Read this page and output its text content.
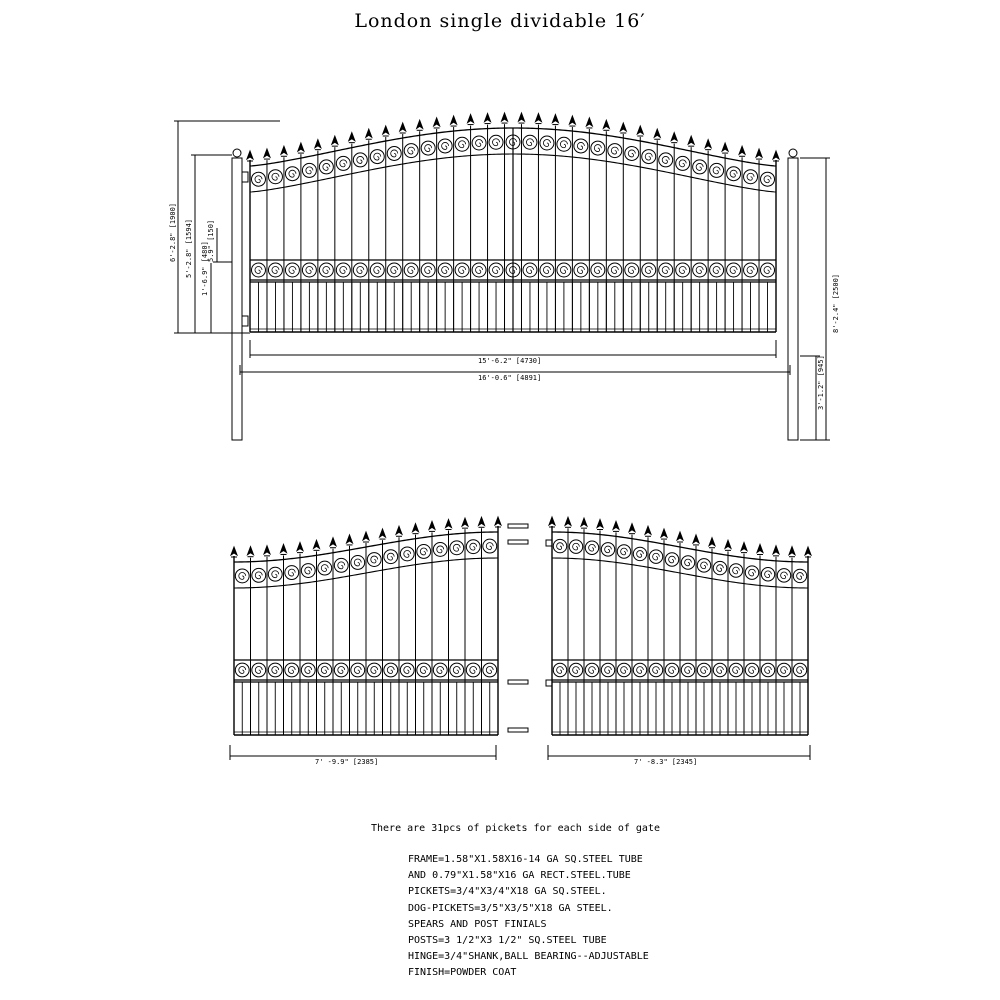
London single dividable 16′
6'-2.8" [1900] 5'-2.8" [1594] 5.9" [150]
1'-6.9" [480]
8'-2.4" [2500]
3'-1.2" [945]
15'-6.2" [4730]
16'-0.6" [4891]
7' -9.9" [2385]	7' -8.3" [2345]
There are 31pcs of pickets for each side of gate
FRAME=1.58"X1.58X16-14 GA SQ.STEEL TUBE
AND 0.79"X1.58"X16 GA RECT.STEEL.TUBE
PICKETS=3/4"X3/4"X18 GA SQ.STEEL.
DOG-PICKETS=3/5"X3/5"X18 GA STEEL.
SPEARS AND POST FINIALS
POSTS=3 1/2"X3 1/2" SQ.STEEL TUBE
HINGE=3/4"SHANK,BALL BEARING--ADJUSTABLE
FINISH=POWDER COAT
